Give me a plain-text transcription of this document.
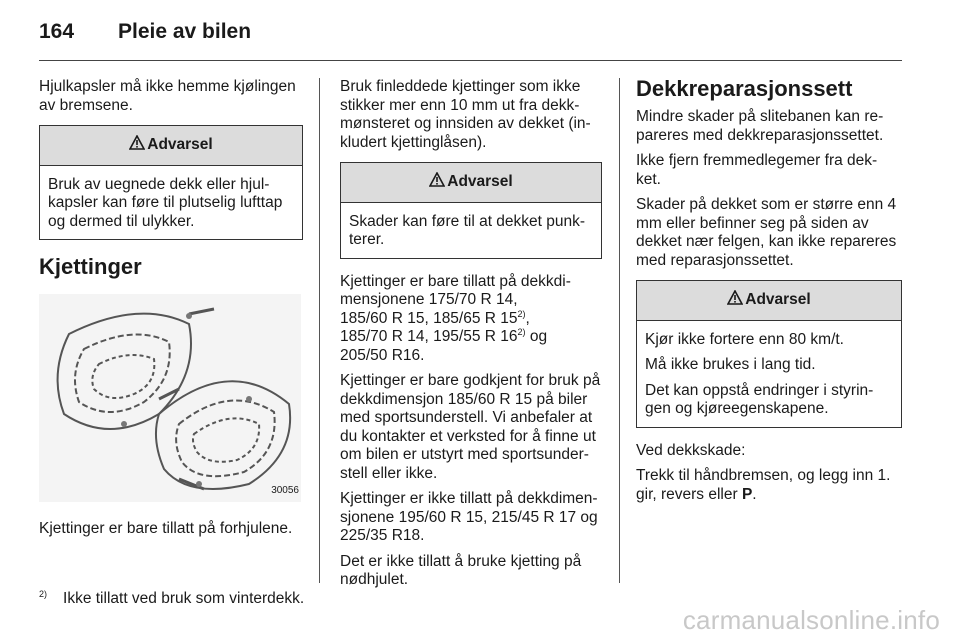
164 Pleie av bilen

Hjulkapsler må ikke hemme kjølingen av bremsene.

Advarsel

Bruk av uegnede dekk eller hjul-kapsler kan føre til plutselig lufttap og dermed til ulykker.

Kjettinger
30056

Kjettinger er bare tillatt på forhjulene.

Bruk finleddede kjettinger som ikke stikker mer enn 10 mm ut fra dekk-mønsteret og innsiden av dekket (in-kludert kjettinglåsen).

Advarsel

Skader kan føre til at dekket punk-terer.

Kjettinger er bare tillatt på dekkdi-mensjonene 175/70 R 14,
185/60 R 15, 185/65 R 15$^{2)}$,
185/70 R 14, 195/55 R 16$^{2)}$ og
205/50 R16.

Kjettinger er bare godkjent for bruk på dekkdimensjon 185/60 R 15 på biler med sportsunderstell. Vi anbefaler at du kontakter et verksted for å finne ut om bilen er utstyrt med sportsunder-stell eller ikke.

Kjettinger er ikke tillatt på dekkdimen-sjonene 195/60 R 15, 215/45 R 17 og 225/35 R18.

Det er ikke tillatt å bruke kjetting på nødhjulet.

Dekkreparasjonssett

Mindre skader på slitebanen kan re-pareres med dekkreparasjonssettet.

Ikke fjern fremmedlegemer fra dek-ket.

Skader på dekket som er større enn 4 mm eller befinner seg på siden av dekket nær felgen, kan ikke repareres med reparasjonssettet.

Advarsel

Kjør ikke fortere enn 80 km/t.

Må ikke brukes i lang tid.

Det kan oppstå endringer i styrin-gen og kjøreegenskapene.

Ved dekkskade:

Trekk til håndbremsen, og legg inn 1. gir, revers eller P.

$^{2)}$ Ikke tillatt ved bruk som vinterdekk.
carmanualsonline.info
